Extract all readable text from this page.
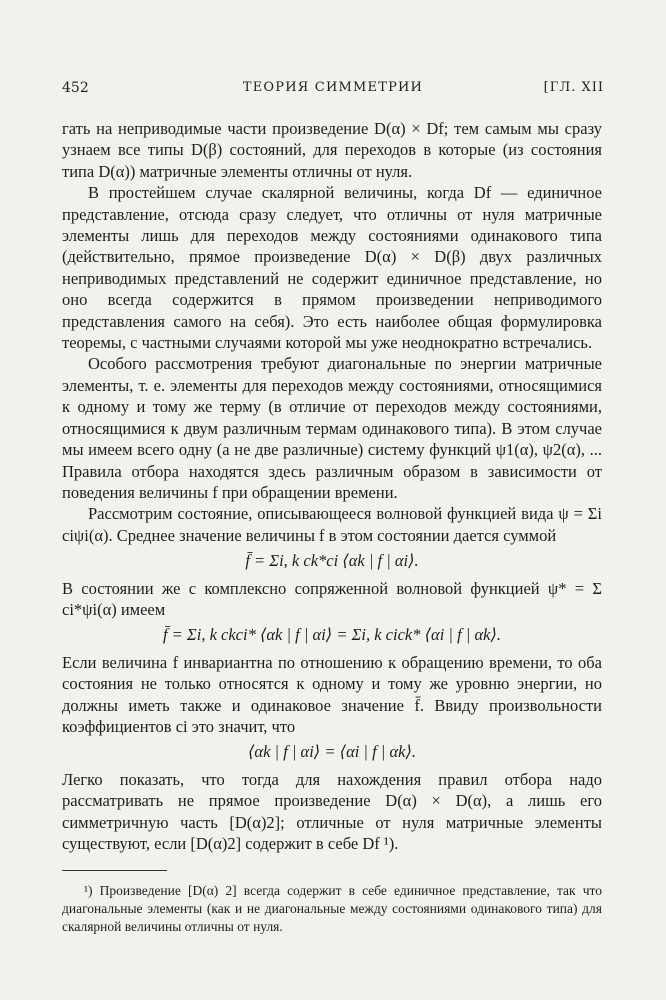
452	ТЕОРИЯ СИММЕТРИИ	[ГЛ. XII

гать на неприводимые части произведение D(α) × Df; тем самым мы сразу узнаем все типы D(β) состояний, для переходов в которые (из состояния типа D(α)) матричные элементы отличны от нуля.

В простейшем случае скалярной величины, когда Df — единичное представление, отсюда сразу следует, что отличны от нуля матричные элементы лишь для переходов между состояниями одинакового типа (действительно, прямое произведение D(α) × D(β) двух различных неприводимых представлений не содержит единичное представление, но оно всегда содержится в прямом произведении неприводимого представления самого на себя). Это есть наиболее общая формулировка теоремы, с частными случаями которой мы уже неоднократно встречались.

Особого рассмотрения требуют диагональные по энергии матричные элементы, т. е. элементы для переходов между состояниями, относящимися к одному и тому же терму (в отличие от переходов между состояниями, относящимися к двум различным термам одинакового типа). В этом случае мы имеем всего одну (а не две различные) систему функций ψ1(α), ψ2(α), ... Правила отбора находятся здесь различным образом в зависимости от поведения величины f при обращении времени.

Рассмотрим состояние, описывающееся волновой функцией вида ψ = Σi ciψi(α). Среднее значение величины f в этом состоянии дается суммой

f̄ = Σi, k ck*ci ⟨αk | f | αi⟩.

В состоянии же с комплексно сопряженной волновой функцией ψ* = Σ ci*ψi(α) имеем

f̄ = Σi, k ckci* ⟨αk | f | αi⟩ = Σi, k cick* ⟨αi | f | αk⟩.

Если величина f инвариантна по отношению к обращению времени, то оба состояния не только относятся к одному и тому же уровню энергии, но должны иметь также и одинаковое значение f̄. Ввиду произвольности коэффициентов ci это значит, что

⟨αk | f | αi⟩ = ⟨αi | f | αk⟩.

Легко показать, что тогда для нахождения правил отбора надо рассматривать не прямое произведение D(α) × D(α), а лишь его симметричную часть [D(α)2]; отличные от нуля матричные элементы существуют, если [D(α)2] содержит в себе Df ¹).

¹) Произведение [D(α) 2] всегда содержит в себе единичное представление, так что диагональные элементы (как и не диагональные между состояниями одинакового типа) для скалярной величины отличны от нуля.
